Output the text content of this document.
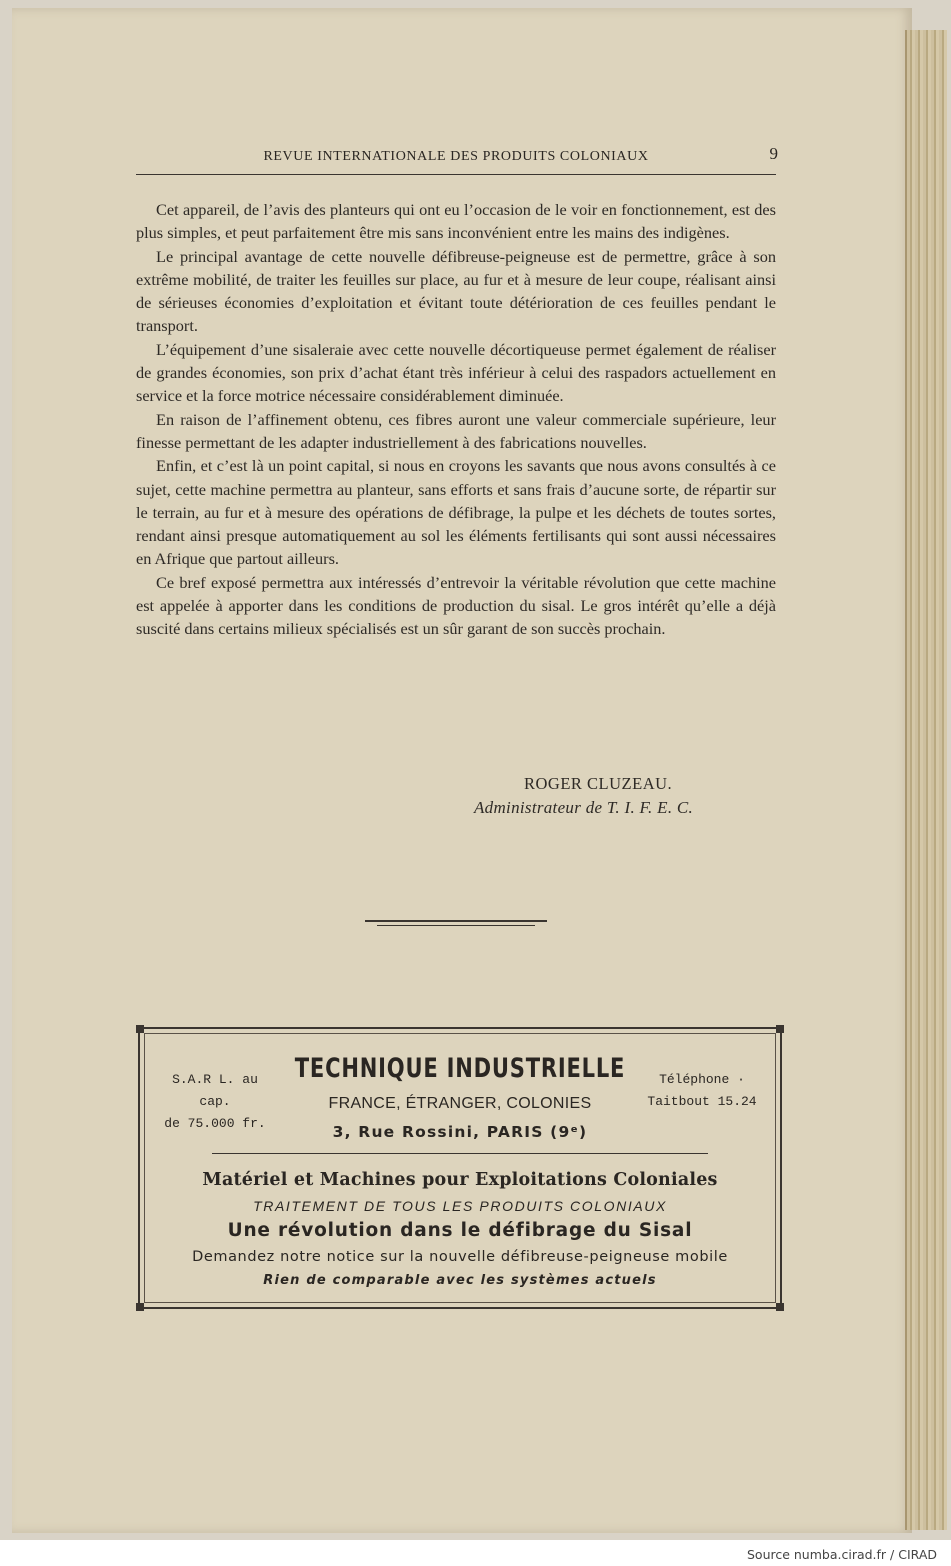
REVUE INTERNATIONALE DES PRODUITS COLONIAUX	9

Cet appareil, de l’avis des planteurs qui ont eu l’occasion de le voir en fonctionnement, est des plus simples, et peut parfaitement être mis sans inconvénient entre les mains des indigènes.

Le principal avantage de cette nouvelle défibreuse-peigneuse est de permettre, grâce à son extrême mobilité, de traiter les feuilles sur place, au fur et à mesure de leur coupe, réalisant ainsi de sérieuses économies d’exploitation et évitant toute détérioration de ces feuilles pendant le transport.

L’équipement d’une sisaleraie avec cette nouvelle décortiqueuse permet également de réaliser de grandes économies, son prix d’achat étant très inférieur à celui des raspadors actuellement en service et la force motrice nécessaire considérablement diminuée.

En raison de l’affinement obtenu, ces fibres auront une valeur commerciale supérieure, leur finesse permettant de les adapter industriellement à des fabrications nouvelles.

Enfin, et c’est là un point capital, si nous en croyons les savants que nous avons consultés à ce sujet, cette machine permettra au planteur, sans efforts et sans frais d’aucune sorte, de répartir sur le terrain, au fur et à mesure des opérations de défibrage, la pulpe et les déchets de toutes sortes, rendant ainsi presque automatiquement au sol les éléments fertilisants qui sont aussi nécessaires en Afrique que partout ailleurs.

Ce bref exposé permettra aux intéressés d’entrevoir la véritable révolution que cette machine est appelée à apporter dans les conditions de production du sisal. Le gros intérêt qu’elle a déjà suscité dans certains milieux spécialisés est un sûr garant de son succès prochain.

ROGER CLUZEAU.
Administrateur de T. I. F. E. C.
S.A.R L. au cap.
de 75.000 fr.
TECHNIQUE INDUSTRIELLE	Téléphone ·
Taitbout 15.24
FRANCE, ÉTRANGER, COLONIES
3, Rue Rossini, PARIS (9ᵉ)
Matériel et Machines pour Exploitations Coloniales
TRAITEMENT DE TOUS LES PRODUITS COLONIAUX
Une révolution dans le défibrage du Sisal
Demandez notre notice sur la nouvelle défibreuse-peigneuse mobile
Rien de comparable avec les systèmes actuels
Source numba.cirad.fr / CIRAD
